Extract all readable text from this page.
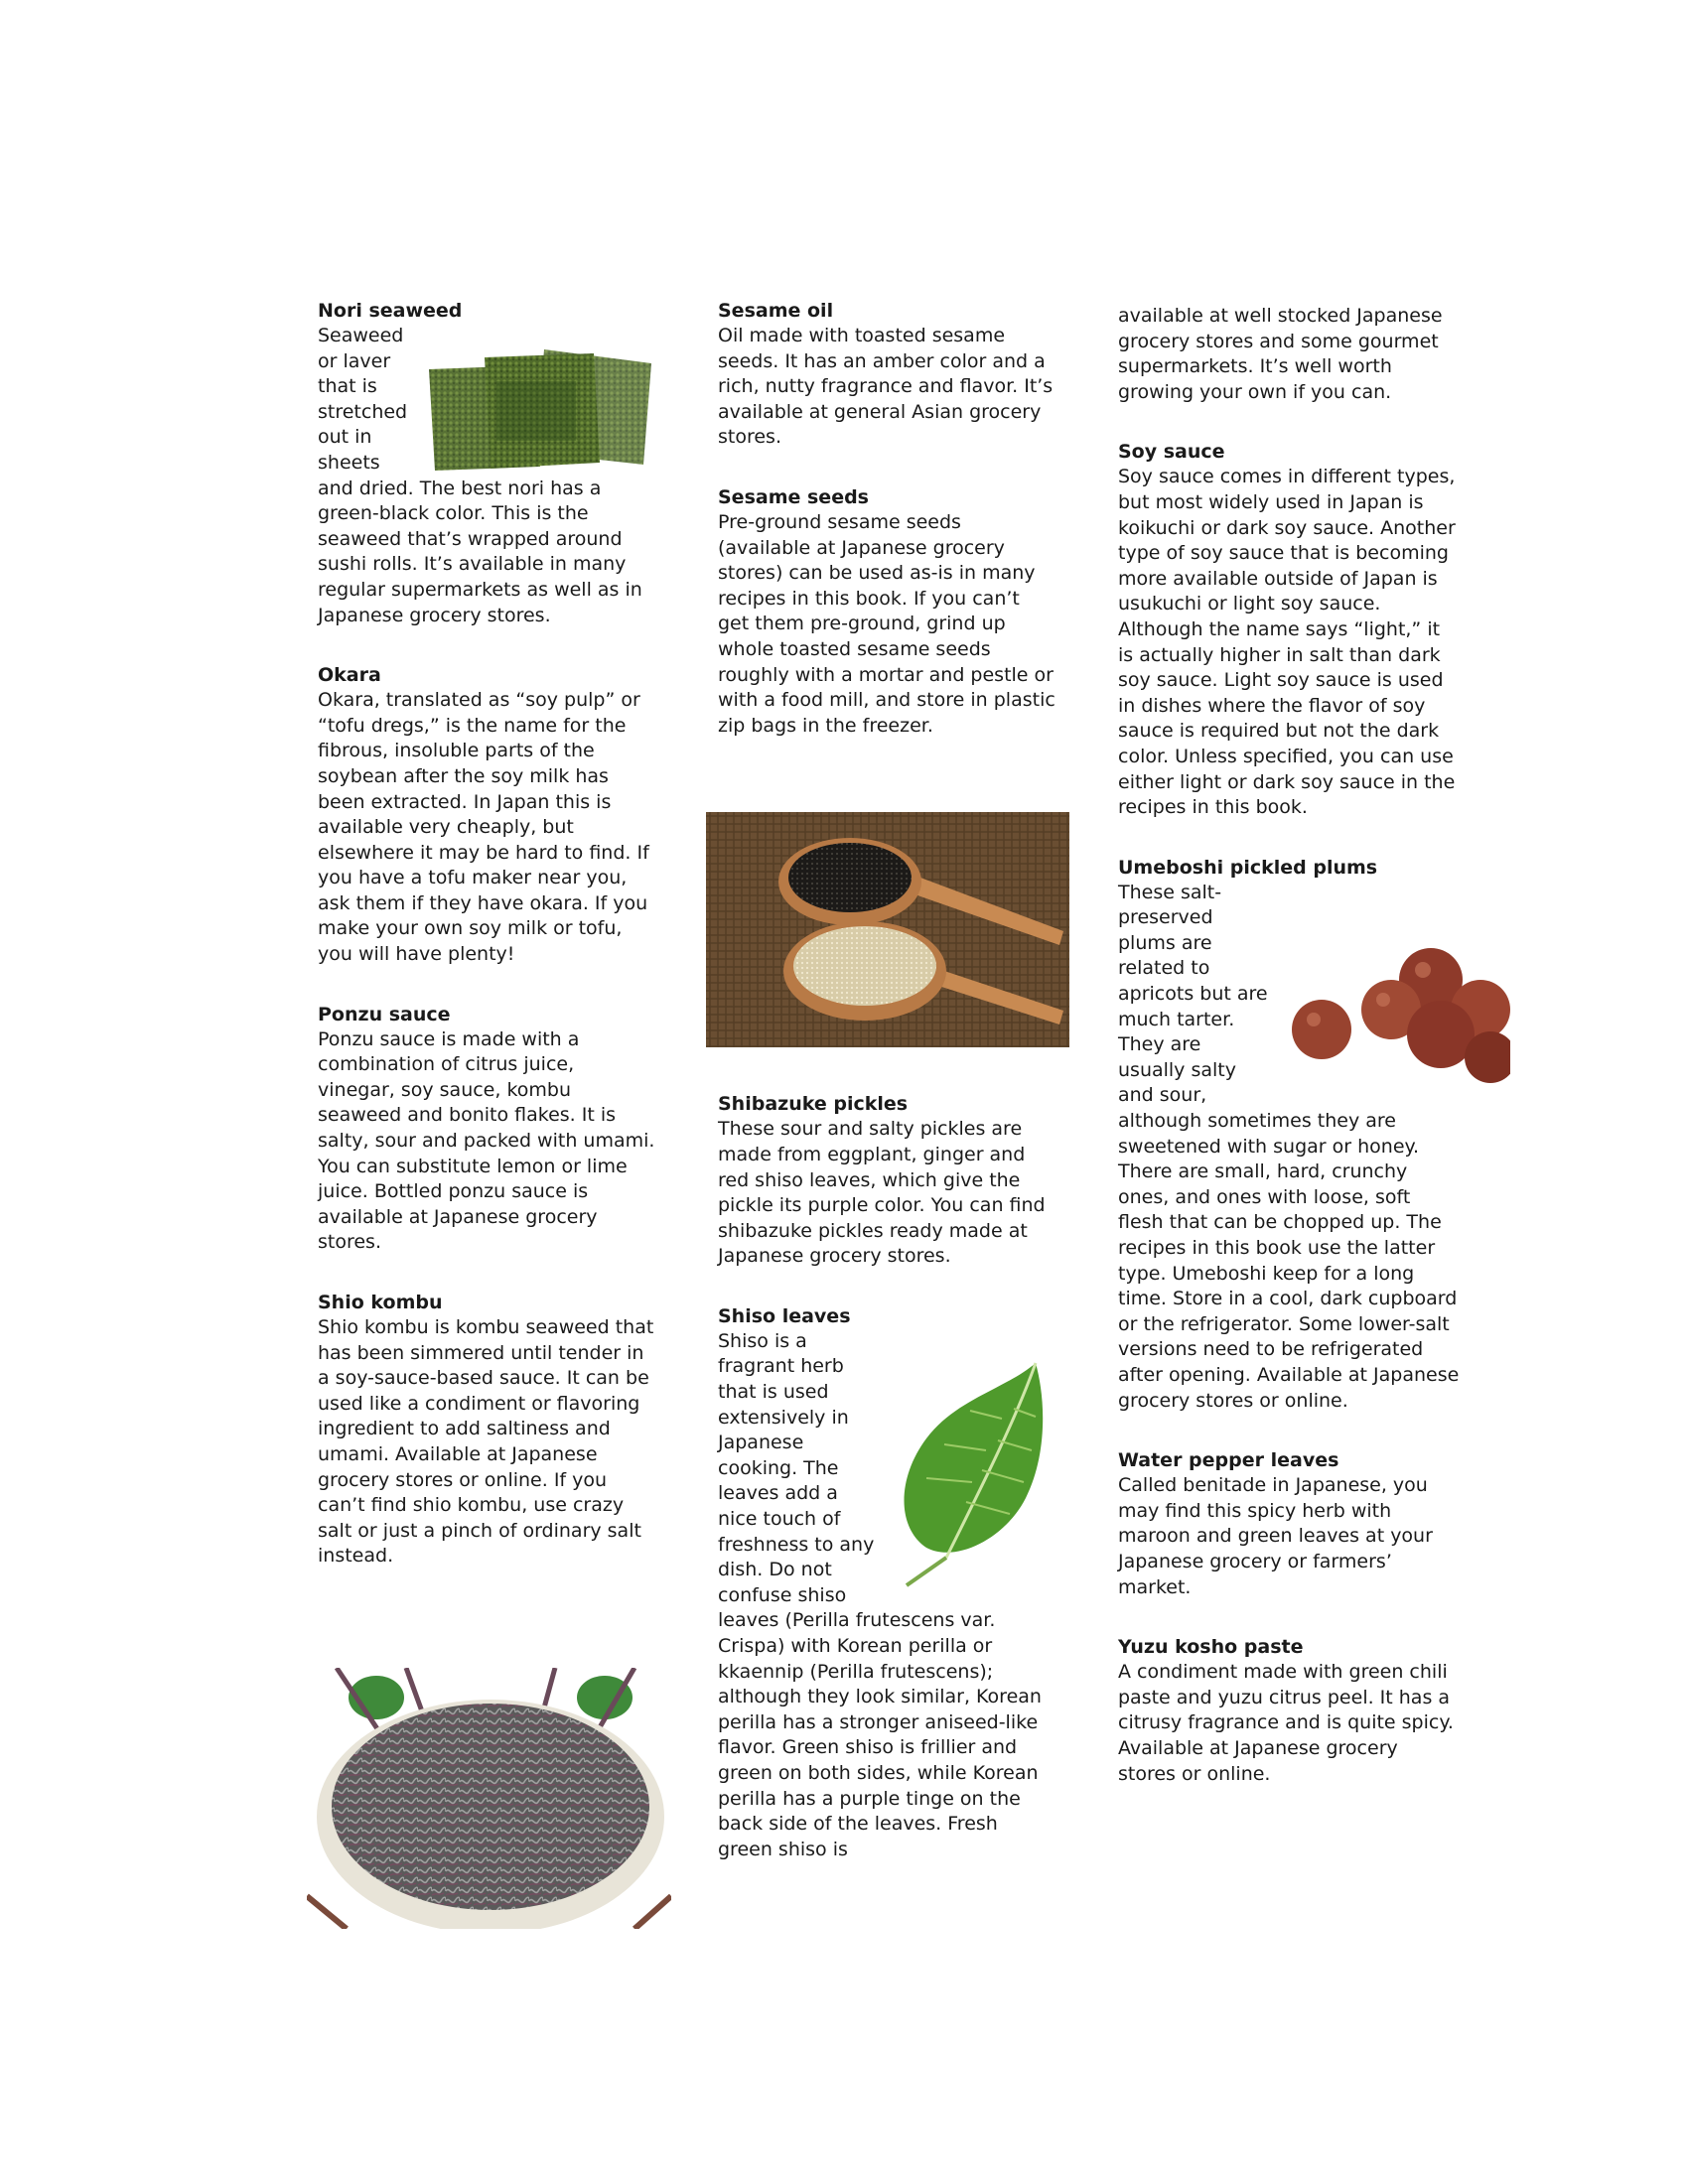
Nori seaweed

Seaweed or laver that is stretched out in sheets and dried. The best nori has a green-black color. This is the seaweed that’s wrapped around sushi rolls. It’s available in many regular supermarkets as well as in Japanese grocery stores.

Okara

Okara, translated as “soy pulp” or “tofu dregs,” is the name for the fibrous, insoluble parts of the soybean after the soy milk has been extracted. In Japan this is available very cheaply, but elsewhere it may be hard to find. If you have a tofu maker near you, ask them if they have okara. If you make your own soy milk or tofu, you will have plenty!

Ponzu sauce

Ponzu sauce is made with a combination of citrus juice, vinegar, soy sauce, kombu seaweed and bonito flakes. It is salty, sour and packed with umami. You can substitute lemon or lime juice. Bottled ponzu sauce is available at Japanese grocery stores.

Shio kombu

Shio kombu is kombu seaweed that has been simmered until tender in a soy-sauce-based sauce. It can be used like a condiment or flavoring ingredient to add saltiness and umami. Available at Japanese grocery stores or online. If you can’t find shio kombu, use crazy salt or just a pinch of ordinary salt instead.

Sesame oil

Oil made with toasted sesame seeds. It has an amber color and a rich, nutty fragrance and flavor. It’s available at general Asian grocery stores.

Sesame seeds

Pre-ground sesame seeds (available at Japanese grocery stores) can be used as-is in many recipes in this book. If you can’t get them pre-ground, grind up whole toasted sesame seeds roughly with a mortar and pestle or with a food mill, and store in plastic zip bags in the freezer.

Shibazuke pickles

These sour and salty pickles are made from eggplant, ginger and red shiso leaves, which give the pickle its purple color. You can find shibazuke pickles ready made at Japanese grocery stores.

Shiso leaves

Shiso is a fragrant herb that is used extensively in Japanese cooking. The leaves add a nice touch of freshness to any dish. Do not confuse shiso leaves (Perilla frutescens var. Crispa) with Korean perilla or kkaennip (Perilla frutescens); although they look similar, Korean perilla has a stronger aniseed-like flavor. Green shiso is frillier and green on both sides, while Korean perilla has a purple tinge on the back side of the leaves. Fresh green shiso is

available at well stocked Japanese grocery stores and some gourmet supermarkets. It’s well worth growing your own if you can.

Soy sauce

Soy sauce comes in different types, but most widely used in Japan is koikuchi or dark soy sauce. Another type of soy sauce that is becoming more available outside of Japan is usukuchi or light soy sauce. Although the name says “light,” it is actually higher in salt than dark soy sauce. Light soy sauce is used in dishes where the flavor of soy sauce is required but not the dark color. Unless specified, you can use either light or dark soy sauce in the recipes in this book.

Umeboshi pickled plums

These salt-preserved plums are related to apricots but are much tarter. They are usually salty and sour, although sometimes they are sweetened with sugar or honey. There are small, hard, crunchy ones, and ones with loose, soft flesh that can be chopped up. The recipes in this book use the latter type. Umeboshi keep for a long time. Store in a cool, dark cupboard or the refrigerator. Some lower-salt versions need to be refrigerated after opening. Available at Japanese grocery stores or online.

Water pepper leaves

Called benitade in Japanese, you may find this spicy herb with maroon and green leaves at your Japanese grocery or farmers’ market.

Yuzu kosho paste

A condiment made with green chili paste and yuzu citrus peel. It has a citrusy fragrance and is quite spicy. Available at Japanese grocery stores or online.
